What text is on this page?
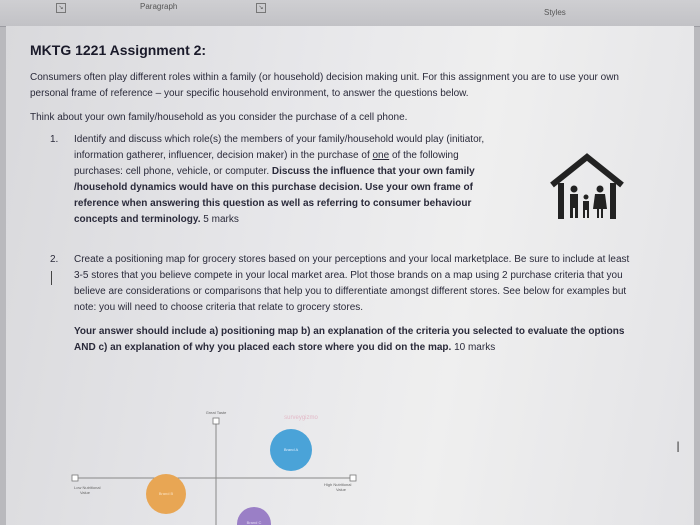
↘	Paragraph	↘
Styles
MKTG 1221 Assignment 2:

Consumers often play different roles within a family (or household) decision making unit. For this assignment you are to use your own personal frame of reference – your specific household environment, to answer the questions below.

Think about your own family/household as you consider the purchase of a cell phone.

1. Identify and discuss which role(s) the members of your family/household would play (initiator, information gatherer, influencer, decision maker) in the purchase of one of the following purchases: cell phone, vehicle, or computer. Discuss the influence that your own family /household dynamics would have on this purchase decision. Use your own frame of reference when answering this question as well as referring to consumer behaviour concepts and terminology. 5 marks
2. Create a positioning map for grocery stores based on your perceptions and your local marketplace. Be sure to include at least 3-5 stores that you believe compete in your local market area. Plot those brands on a map using 2 purchase criteria that you believe are considerations or comparisons that help you to differentiate amongst different stores. See below for examples but note: you will need to choose criteria that relate to grocery stores.

Your answer should include a) positioning map b) an explanation of the criteria you selected to evaluate the options AND c) an explanation of why you placed each store where you did on the map. 10 marks

Great Taste
surveygizmo
Brand A
Brand B
Brand C
Low Nutritional
Value
High Nutritional
Value
I
